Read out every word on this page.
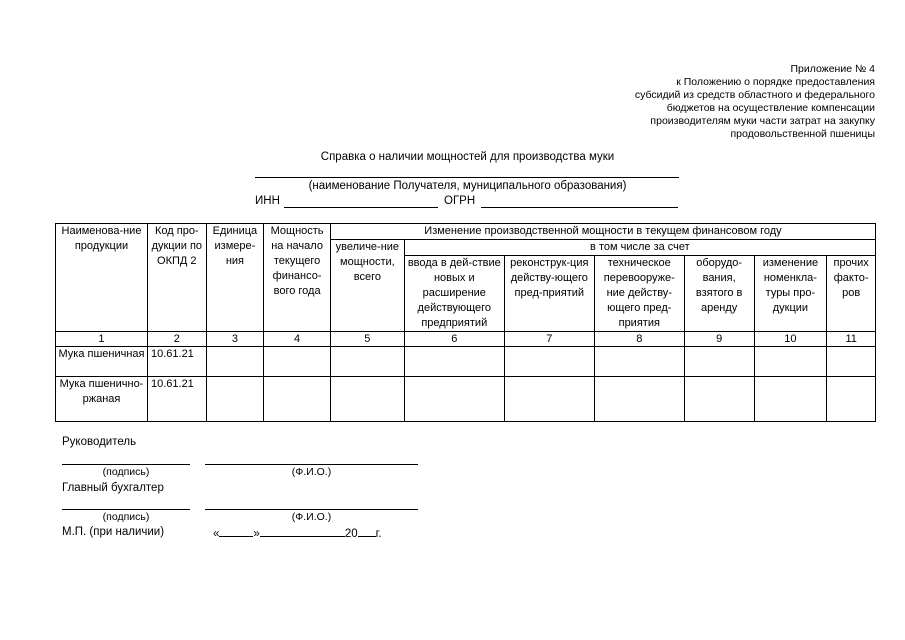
Приложение № 4
к Положению о порядке предоставления
субсидий из средств областного и федерального
бюджетов на осуществление компенсации
производителям муки части затрат на закупку
продовольственной пшеницы
Справка о наличии мощностей для производства муки
(наименование Получателя, муниципального образования)
ИНН	ОГРН
Наименова-ние продукции	Код про-дукции по ОКПД 2	Единица измере-ния	Мощность на начало текущего финансо-вого года	Изменение производственной мощности в текущем финансовом году						
				увеличе-ние мощности, всего	в том числе за счет					
					ввода в дей-ствие новых и расширение действующего предприятий	реконструк-ция действу-ющего пред-приятий	техническое перевооруже-ние действу-ющего пред-приятия	оборудо-вания, взятого в аренду	изменение номенкла-туры про-дукции	прочих факто-ров
1	2	3	4	5	6	7	8	9	10	11
Мука пшеничная	10.61.21									
Мука пшенично-ржаная	10.61.21									
Руководитель
(подпись)	(Ф.И.О.)
Главный бухгалтер
(подпись)	(Ф.И.О.)
М.П. (при наличии)	«	»	20 г.
